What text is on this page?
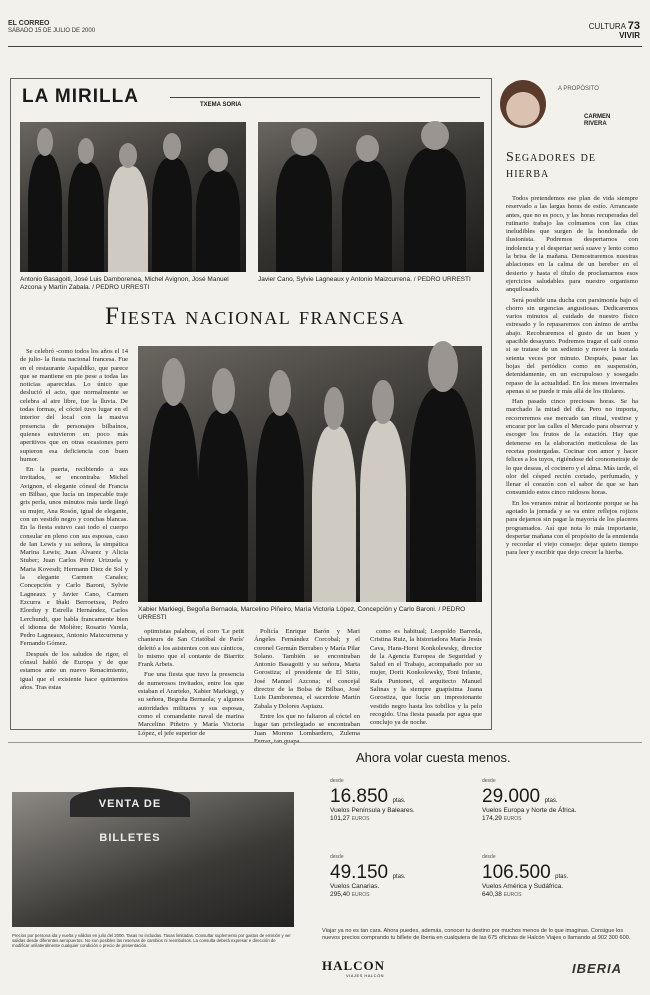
EL CORREO
SÁBADO 15 DE JULIO DE 2000	CULTURA 73
VIVIR
LA MIRILLA	TXEMA SORIA
Antonio Basagoiti, José Luis Damborenea, Michel Avignon, José Manuel Azcona y Martín Zabala. / PEDRO URRESTI
Javier Cano, Sylvie Lagneaux y Antonio Maizcurrena. / PEDRO URRESTI
Fiesta nacional francesa

Se celebró -como todos los años el 14 de julio- la fiesta nacional francesa. Fue en el restaurante Aspaldiko, que parece que se mantiene en pie pese a todas las noticias aparecidas. Lo único que deslució el acto, que normalmente se celebra al aire libre, fue la lluvia. De todas formas, el cóctel tuvo lugar en el interior del local con la masiva presencia de personajes bilbaínos, quienes estuvieron en poco más aperitivos que en otras ocasiones pero supieron esa deficiencia con buen humor.

En la puerta, recibiendo a sus invitados, se encontraba Michel Avignon, el elegante cónsul de Francia en Bilbao, que lucía un impecable traje gris perla, unos minutos más tarde llegó su mujer, Ana Rosón, igual de elegante, con un vestido negro y conchas blancas. En la fiesta estuvo casi todo el cuerpo consular en pleno con sus esposas, caso de Ian Lewis y su señora, la simpática Marina Lewis; Juan Álvarez y Alicia Stuber; Juan Carlos Pérez Urizuela y Maria Kovesdi; Hermann Diez de Sol y la elegante Carmen Canales; Concepción y Carlo Baroni, Sylvie Lagneaux y Javier Cano, Carmen Ezcurra e Iñaki Berroetxea, Pedro Elorduy y Estrella Hernández, Carlos Lerchundi, que habla francamente bien el idioma de Molière; Rosario Varela, Pedro Lagneaux, Antonio Maizcurrena y Fernando Gómez.

Después de los saludos de rigor, el cónsul habló de Europa y de que estamos ante un nuevo Renacimiento, igual que el existente hace quinientos años. Tras estas

Xabier Markiegi, Begoña Bernaola, Marcelino Piñeiro, María Victoria López, Concepción y Carlo Baroni. / PEDRO URRESTI

optimistas palabras, el coro 'Le petit chanteurs de San Cristóbal de París' deleitó a los asistentes con sus cánticos, lo mismo que el contante de Biarritz Frank Arbeis.

Fue una fiesta que tuvo la presencia de numerosos invitados, entre los que estaban el Ararteko, Xabier Markiegi, y su señora, Begoña Bernaola; y algunos autoridades militares y sus esposas, como el comandante naval de marina Marcelino Piñeiro y María Victoria López, el jefe superior de

Policía Enrique Barón y Mari Ángeles Fernández Corcobal; y el coronel Germán Berrabeo y María Pilar Solano. También se encontraban Antonio Basagoiti y su señora, Marta Gorostiza; el presidente de El Sitio, José Manuel Azcona; el concejal director de la Bolsa de Bilbao, José Luis Damborenea, el sacerdote Martín Zabala y Dolores Aspiazu.

Entre los que no faltaron al cóctel en lugar tan privilegiado se encontraban Juan Moreno Lombardero, Zulema

como es habitual; Leopoldo Barreda, Cristina Ruiz, la historiadora María Jesús Cava, Hans-Horst Konkolewsky, director de la Agencia Europea de Seguridad y Salud en el Trabajo, acompañado por su mujer, Dorit Konkolewsky, Toni Infante, Rafa Puntonet, el arquitecto Manuel Salinas y la siempre guapísima Juana Gorostiza, que lucía un impresionante vestido negro hasta los tobillos y la pelo recogido. Una fiesta pasada por agua que conclujo ya de noche.

A PROPÓSITO
CARMEN RIVERA
Segadores de hierba

Todos pretendemos ese plan de vida siempre reservado a las largas horas de estío. Arrancaste antes, que no es poco, y las horas recuperadas del rutinario trabajo las colmamos con las citas ineludibles que surgen de la hondonada de ilusionista. Podremos despertarnos con indolencia y el despertar será suave y lento como la brisa de la mañana. Demostraremos nuestras ablaciones en la calma de un bereber en el desierto y hasta el título de proclamarnos esos ejercicios saludables para nuestro organismo anquilosado.

Será posible una ducha con parsimonia bajo el chorro sin urgencias angustiosas. Dedicaremos varios minutos al cuidado de nuestro físico estresado y lo repasaremos con ánimo de arriba abajo. Recobraremos el gusto de un buen y apacible desayuno. Podremos tragar el café como si se tratase de un sediento y mover la tostada setenta veces por minuto. Después, pasar las hojas del periódico como en suspensión, detenidamente, en un escrupuloso y sosegado repaso de la actualidad. En los meses invernales apenas si se puede ir más allá de los titulares.

Han pasado cinco preciosas horas. Se ha marchado la mitad del día. Pero no importa, recorreremos ese mercado tan ritual, vestirse y encarar por las calles el Mercado para observar y escoger los frutos de la estación. Hay que detenerse en la elaboración meticulosa de las recetas postergadas. Cocinar con amor y hacer felices a los tuyos, rigiéndose del cronometraje de lo que deseas, el cocinero y el alma. Más tarde, el olor del césped recién cortado, perfumado, y llenar el corazón con el sabor de que se han consumido estos cinco ruidosos horas.

En los veranos mirar al horizonte porque se ha agotado la jornada y se va entre reflejos rojizos para dejarnos sin pagar la mayoría de los placeres programados. Así que nota lo más importante, despertar mañana con el propósito de la enmienda y recordar el viejo consejo: dejar quieto tiempo para leer y escribir que dejo crecer la hierba.

VENTA DE BILLETES
Precios por persona ida y vuelta y válidos en julio del 2000. Tasas no incluidas. Tasas limitadas. Consultar suplemento por gastos de emisión y ver salidas desde diferentes aeropuertos. No son posibles las reservas de cambios ni reembolsos. La consulta deberá expresar e dirección de modificar unilateralmente cualquier condición o precio de presentación.
Ahora volar cuesta menos.
desde
16.850 ptas.
Vuelos Península y Baleares.
101,27 EUROS
desde
29.000 ptas.
Vuelos Europa y Norte de África.
174,29 EUROS
desde
49.150 ptas.
Vuelos Canarias.
295,40 EUROS
desde
106.500 ptas.
Vuelos América y Sudáfrica.
640,38 EUROS
Viajar ya no es tan cara. Ahora puedes, además, conocer tu destino por muchos menos de lo que imaginas. Consigue los nuevos precios comprando tu billete de Iberia en cualquiera de las 675 oficinas de Halcón Viajes o llamando al 902 300 600.
HALCON
VIAJES HALCÓN	IBERIA
